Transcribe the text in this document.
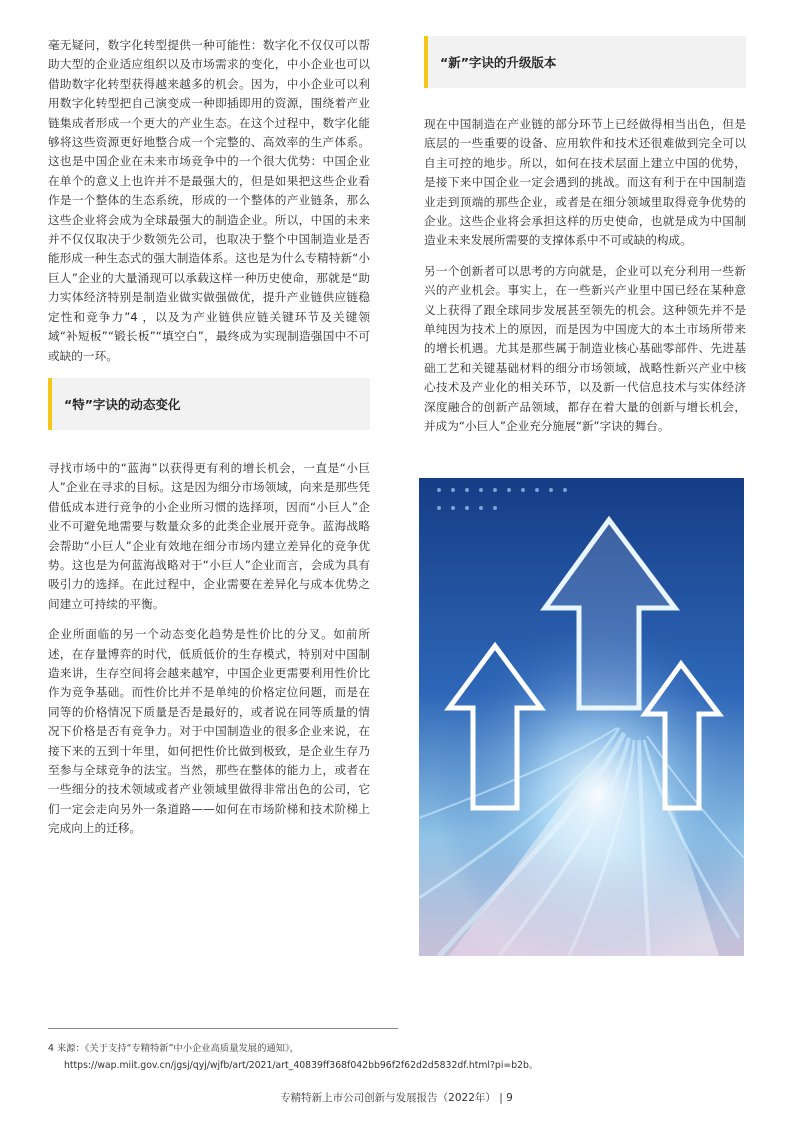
毫无疑问，数字化转型提供一种可能性：数字化不仅仅可以帮助大型的企业适应组织以及市场需求的变化，中小企业也可以借助数字化转型获得越来越多的机会。因为，中小企业可以利用数字化转型把自己演变成一种即插即用的资源，围绕着产业链集成者形成一个更大的产业生态。在这个过程中，数字化能够将这些资源更好地整合成一个完整的、高效率的生产体系。这也是中国企业在未来市场竞争中的一个很大优势：中国企业在单个的意义上也许并不是最强大的，但是如果把这些企业看作是一个整体的生态系统，形成的一个整体的产业链条，那么这些企业将会成为全球最强大的制造企业。所以，中国的未来并不仅仅取决于少数领先公司，也取决于整个中国制造业是否能形成一种生态式的强大制造体系。这也是为什么专精特新“小巨人”企业的大量涌现可以承载这样一种历史使命，那就是“助力实体经济特别是制造业做实做强做优，提升产业链供应链稳定性和竞争力”4 ，以及为产业链供应链关键环节及关键领域“补短板”“锻长板”“填空白”，最终成为实现制造强国中不可或缺的一环。

“特”字诀的动态变化

寻找市场中的“蓝海”以获得更有利的增长机会，一直是“小巨人”企业在寻求的目标。这是因为细分市场领域，向来是那些凭借低成本进行竞争的小企业所习惯的选择项，因而“小巨人”企业不可避免地需要与数量众多的此类企业展开竞争。蓝海战略会帮助“小巨人”企业有效地在细分市场内建立差异化的竞争优势。这也是为何蓝海战略对于“小巨人”企业而言，会成为具有吸引力的选择。在此过程中，企业需要在差异化与成本优势之间建立可持续的平衡。

企业所面临的另一个动态变化趋势是性价比的分叉。如前所述，在存量博弈的时代，低质低价的生存模式，特别对中国制造来讲，生存空间将会越来越窄，中国企业更需要利用性价比作为竞争基础。而性价比并不是单纯的价格定位问题，而是在同等的价格情况下质量是否是最好的，或者说在同等质量的情况下价格是否有竞争力。对于中国制造业的很多企业来说，在接下来的五到十年里，如何把性价比做到极致，是企业生存乃至参与全球竞争的法宝。当然，那些在整体的能力上，或者在一些细分的技术领域或者产业领域里做得非常出色的公司，它们一定会走向另外一条道路——如何在市场阶梯和技术阶梯上完成向上的迁移。

“新”字诀的升级版本

现在中国制造在产业链的部分环节上已经做得相当出色，但是底层的一些重要的设备、应用软件和技术还很难做到完全可以自主可控的地步。所以，如何在技术层面上建立中国的优势，是接下来中国企业一定会遇到的挑战。而这有利于在中国制造业走到顶端的那些企业，或者是在细分领域里取得竞争优势的企业。这些企业将会承担这样的历史使命，也就是成为中国制造业未来发展所需要的支撑体系中不可或缺的构成。

另一个创新者可以思考的方向就是，企业可以充分利用一些新兴的产业机会。事实上，在一些新兴产业里中国已经在某种意义上获得了跟全球同步发展甚至领先的机会。这种领先并不是单纯因为技术上的原因，而是因为中国庞大的本土市场所带来的增长机遇。尤其是那些属于制造业核心基础零部件、先进基础工艺和关键基础材料的细分市场领域，战略性新兴产业中核心技术及产业化的相关环节，以及新一代信息技术与实体经济深度融合的创新产品领域，都存在着大量的创新与增长机会，并成为“小巨人”企业充分施展“新”字诀的舞台。

4 来源：《关于支持“专精特新”中小企业高质量发展的通知》，
https://wap.miit.gov.cn/jgsj/qyj/wjfb/art/2021/art_40839ff368f042bb96f2f62d2d5832df.html?pi=b2b。
专精特新上市公司创新与发展报告（2022年） | 9
